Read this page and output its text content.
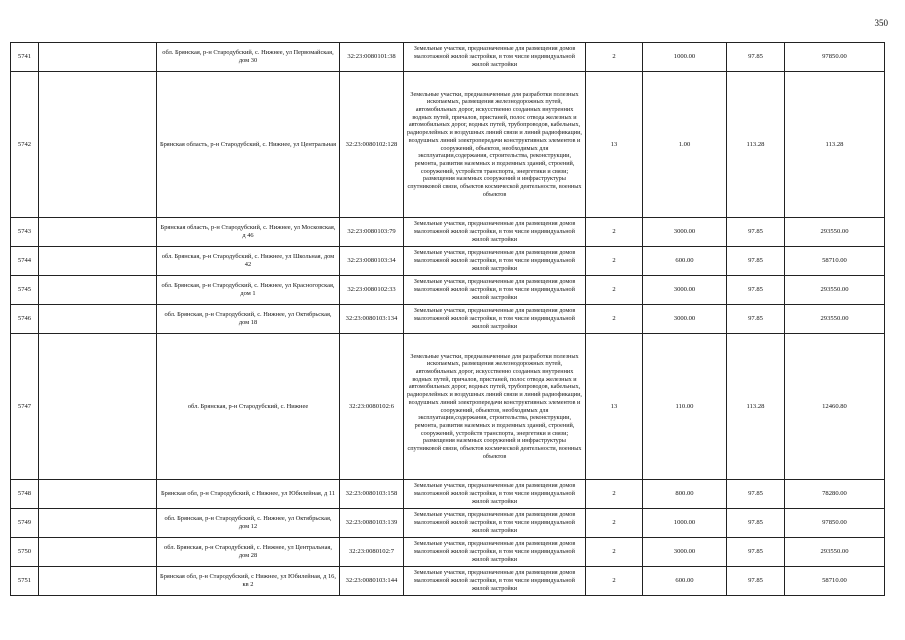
350
5741		обл. Брянская, р-н Стародубский, с. Нижнее, ул Первомайская, дом 30	32:23:0080101:38	Земельные участки, предназначенные для размещения домов малоэтажной жилой застройки, в том числе индивидуальной жилой застройки	2	1000.00	97.85	97850.00
5742		Брянская область, р-н Стародубский, с. Нижнее, ул Центральная	32:23:0080102:128	Земельные участки, предназначенные для разработки полезных ископаемых, размещения железнодорожных путей, автомобильных дорог, искусственно созданных внутренних водных путей, причалов, пристаней, полос отвода железных и автомобильных дорог, водных путей, трубопроводов, кабельных, радиорелейных и воздушных линий связи и линий радиофикации, воздушных линий электропередачи конструктивных элементов и сооружений, объектов, необходимых для эксплуатации,содержания, строительства, реконструкции, ремонта, развития наземных и подземных зданий, строений, сооружений, устройств транспорта, энергетики и связи; размещения наземных сооружений и инфраструктуры спутниковой связи, объектов космической деятельности, военных объектов	13	1.00	113.28	113.28
5743		Брянская область, р-н Стародубский, с. Нижнее, ул Московская, д 46	32:23:0080103:79	Земельные участки, предназначенные для размещения домов малоэтажной жилой застройки, в том числе индивидуальной жилой застройки	2	3000.00	97.85	293550.00
5744		обл. Брянская, р-н Стародубский, с. Нижнее, ул Школьная, дом 42	32:23:0080103:34	Земельные участки, предназначенные для размещения домов малоэтажной жилой застройки, в том числе индивидуальной жилой застройки	2	600.00	97.85	58710.00
5745		обл. Брянская, р-н Стародубский, с. Нижнее, ул Красногорская, дом 1	32:23:0080102:33	Земельные участки, предназначенные для размещения домов малоэтажной жилой застройки, в том числе индивидуальной жилой застройки	2	3000.00	97.85	293550.00
5746		обл. Брянская, р-н Стародубский, с. Нижнее, ул Октябрьская, дом 18	32:23:0080103:134	Земельные участки, предназначенные для размещения домов малоэтажной жилой застройки, в том числе индивидуальной жилой застройки	2	3000.00	97.85	293550.00
5747		обл. Брянская, р-н Стародубский, с. Нижнее	32:23:0080102:6	Земельные участки, предназначенные для разработки полезных ископаемых, размещения железнодорожных путей, автомобильных дорог, искусственно созданных внутренних водных путей, причалов, пристаней, полос отвода железных и автомобильных дорог, водных путей, трубопроводов, кабельных, радиорелейных и воздушных линий связи и линий радиофикации, воздушных линий электропередачи конструктивных элементов и сооружений, объектов, необходимых для эксплуатации,содержания, строительства, реконструкции, ремонта, развития наземных и подземных зданий, строений, сооружений, устройств транспорта, энергетики и связи; размещения наземных сооружений и инфраструктуры спутниковой связи, объектов космической деятельности, военных объектов	13	110.00	113.28	12460.80
5748		Брянская обл, р-н Стародубский, с Нижнее, ул Юбилейная, д 11	32:23:0080103:158	Земельные участки, предназначенные для размещения домов малоэтажной жилой застройки, в том числе индивидуальной жилой застройки	2	800.00	97.85	78280.00
5749		обл. Брянская, р-н Стародубский, с. Нижнее, ул Октябрьская, дом 12	32:23:0080103:139	Земельные участки, предназначенные для размещения домов малоэтажной жилой застройки, в том числе индивидуальной жилой застройки	2	1000.00	97.85	97850.00
5750		обл. Брянская, р-н Стародубский, с. Нижнее, ул Центральная, дом 28	32:23:0080102:7	Земельные участки, предназначенные для размещения домов малоэтажной жилой застройки, в том числе индивидуальной жилой застройки	2	3000.00	97.85	293550.00
5751		Брянская обл, р-н Стародубский, с Нижнее, ул Юбилейная, д 16, кв 2	32:23:0080103:144	Земельные участки, предназначенные для размещения домов малоэтажной жилой застройки, в том числе индивидуальной жилой застройки	2	600.00	97.85	58710.00
